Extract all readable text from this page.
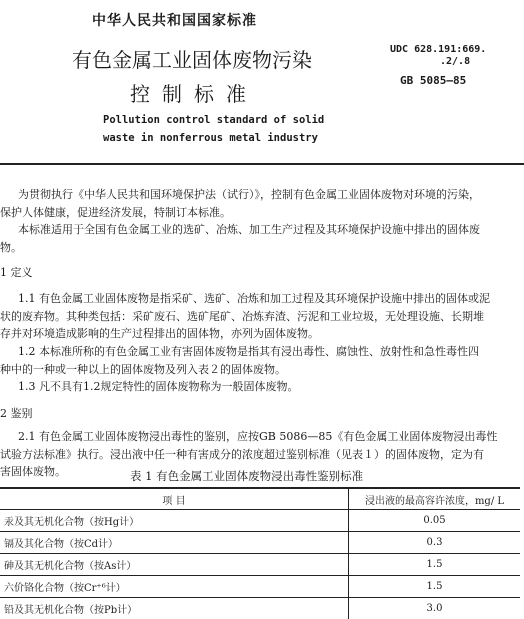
中华人民共和国国家标准
UDC 628.191:669.
.2/.8
GB 5085—85
有色金属工业固体废物污染
控制标准
Pollution control standard of solid
waste in nonferrous metal industry
为贯彻执行《中华人民共和国环境保护法（试行）》，控制有色金属工业固体废物对环境的污染，
保护人体健康，促进经济发展，特制订本标准。
本标准适用于全国有色金属工业的选矿、冶炼、加工生产过程及其环境保护设施中排出的固体废
物。
1 定义
1.1 有色金属工业固体废物是指采矿、选矿、冶炼和加工过程及其环境保护设施中排出的固体或泥
状的废弃物。其种类包括：采矿废石、选矿尾矿、冶炼弃渣、污泥和工业垃圾，无处理设施、长期堆
存并对环境造成影响的生产过程排出的固体物，亦列为固体废物。
1.2 本标准所称的有色金属工业有害固体废物是指其有浸出毒性、腐蚀性、放射性和急性毒性四
种中的一种或一种以上的固体废物及列入表２的固体废物。
1.3 凡不具有1.2规定特性的固体废物称为一般固体废物。
2 鉴别
2.1 有色金属工业固体废物浸出毒性的鉴别，应按GB 5086—85《有色金属工业固体废物浸出毒性
试验方法标准》执行。浸出液中任一种有害成分的浓度超过鉴别标准（见表１）的固体废物，定为有
害固体废物。	表 1 有色金属工业固体废物浸出毒性鉴别标准
项 目	浸出液的最高容许浓度，mg/ L
汞及其无机化合物（按Hg计）	0.05
镉及其化合物（按Cd计）	0.3
砷及其无机化合物（按As计）	1.5
六价铬化合物（按Cr⁺⁶计）	1.5
铅及其无机化合物（按Pb计）	3.0
